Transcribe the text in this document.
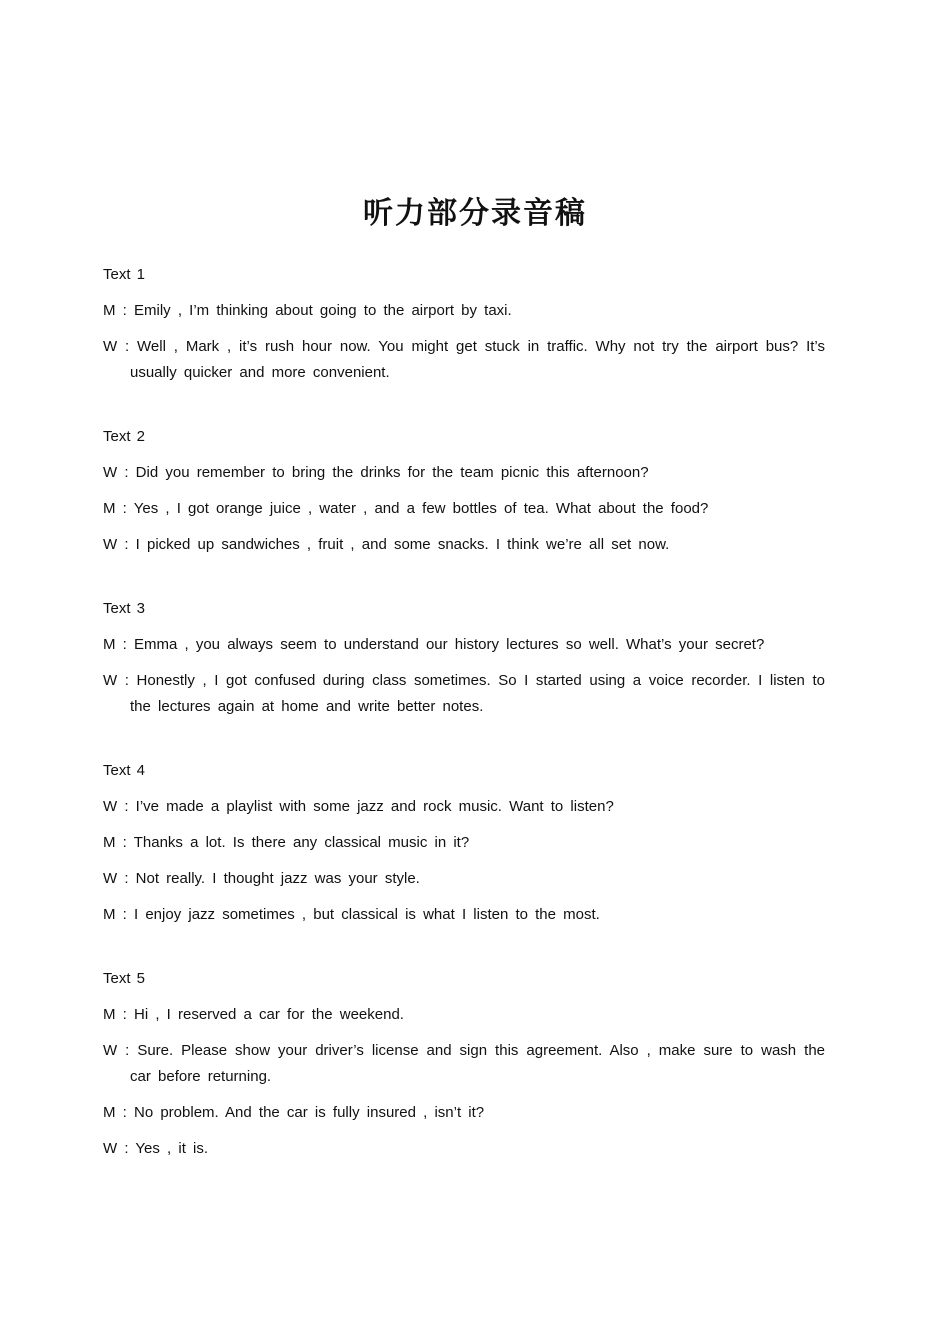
听力部分录音稿
Text 1
M : Emily , I’m thinking about going to the airport by taxi.
W : Well , Mark , it’s rush hour now. You might get stuck in traffic. Why not try the airport bus? It’s usually quicker and more convenient.
Text 2
W : Did you remember to bring the drinks for the team picnic this afternoon?
M : Yes , I got orange juice , water , and a few bottles of tea. What about the food?
W : I picked up sandwiches , fruit , and some snacks. I think we’re all set now.
Text 3
M : Emma , you always seem to understand our history lectures so well. What’s your secret?
W : Honestly , I got confused during class sometimes. So I started using a voice recorder. I listen to the lectures again at home and write better notes.
Text 4
W : I’ve made a playlist with some jazz and rock music. Want to listen?
M : Thanks a lot. Is there any classical music in it?
W : Not really. I thought jazz was your style.
M : I enjoy jazz sometimes , but classical is what I listen to the most.
Text 5
M : Hi , I reserved a car for the weekend.
W : Sure. Please show your driver’s license and sign this agreement. Also , make sure to wash the car before returning.
M : No problem. And the car is fully insured , isn’t it?
W : Yes , it is.
